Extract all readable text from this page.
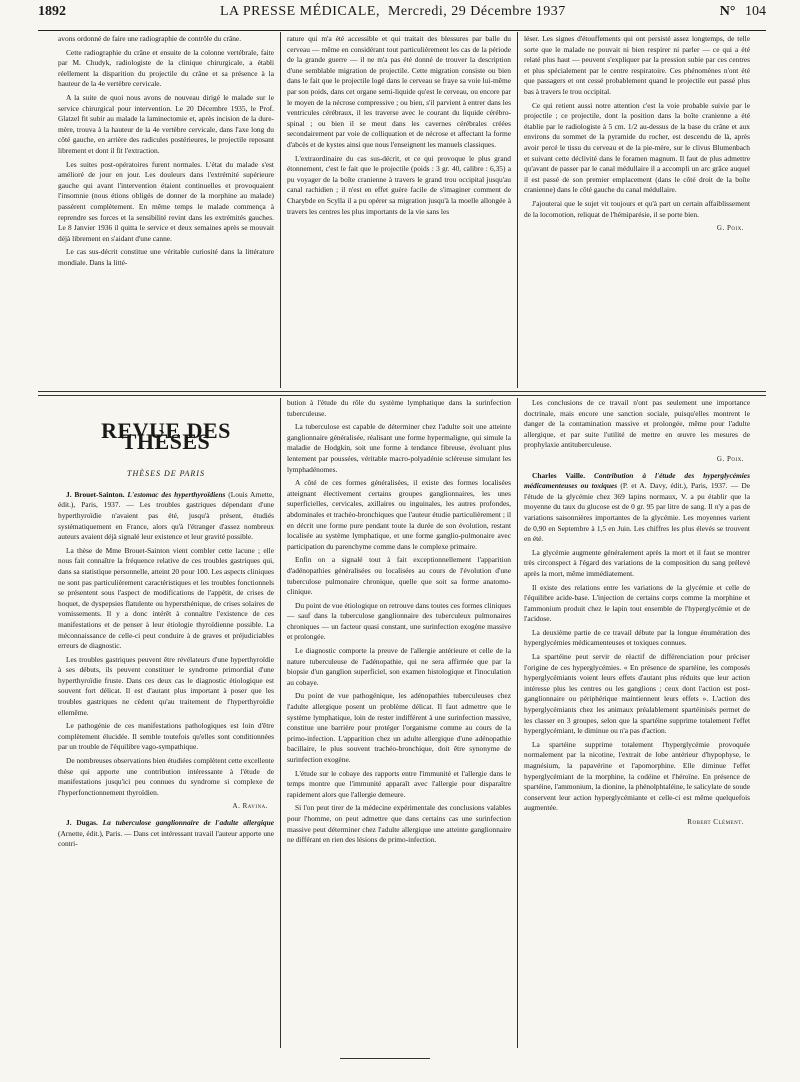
1892	LA PRESSE MÉDICALE, Mercredi, 29 Décembre 1937	N° 104

avons ordonné de faire une radiographie de contrôle du crâne.

Cette radiographie du crâne et ensuite de la colonne vertébrale, faite par M. Chudyk, radiologiste de la clinique chirurgicale, a établi réellement la disparition du projectile du crâne et sa présence à la hauteur de la 4e vertèbre cervicale.

A la suite de quoi nous avons de nouveau dirigé le malade sur le service chirurgical pour intervention. Le 20 Décembre 1935, le Prof. Glatzel fit subir au malade la laminectomie et, après incision de la dure-mère, trouva à la hauteur de la 4e vertèbre cervicale, dans l'axe long du côté gauche, en arrière des radicules postérieures, le projectile reposant librement et dont il fit l'extraction.

Les suites post-opératoires furent normales. L'état du malade s'est amélioré de jour en jour. Les douleurs dans l'extrémité supérieure gauche qui avant l'intervention étaient continuelles et provoquaient l'insomnie (nous étions obligés de donner de la morphine au malade) passèrent complètement. En même temps le malade commença à reprendre ses forces et la sensibilité revint dans les extrémités gauches. Le 8 Janvier 1936 il quitta le service et deux semaines après se mouvait déjà librement en s'aidant d'une canne.

Le cas sus-décrit constitue une véritable curiosité dans la littérature mondiale. Dans la litté-

rature qui m'a été accessible et qui traitait des blessures par balle du cerveau — même en considérant tout particulièrement les cas de la période de la grande guerre — il ne m'a pas été donné de trouver la description d'une semblable migration de projectile. Cette migration consiste ou bien dans le fait que le projectile logé dans le cerveau se fraye sa voie lui-même par son poids, dans cet organe semi-liquide qu'est le cerveau, ou encore par le moyen de la nécrose compressive ; ou bien, s'il parvient à entrer dans les ventricules cérébraux, il les traverse avec le courant du liquide cérébro-spinal ; ou bien il se meut dans les cavernes cérébrales créées secondairement par voie de colliquation et de nécrose et affectant la forme d'abcès et de kystes ainsi que nous l'enseignent les manuels classiques.

L'extraordinaire du cas sus-décrit, et ce qui provoque le plus grand étonnement, c'est le fait que le projectile (poids : 3 gr. 40, calibre : 6,35) a pu voyager de la boîte cranienne à travers le grand trou occipital jusqu'au canal rachidien ; il n'est en effet guère facile de s'imaginer comment de Charybde en Scylla il a pu opérer sa migration jusqu'à la moelle allongée à travers les centres les plus importants de la vie sans les

léser. Les signes d'étouffements qui ont persisté assez longtemps, de telle sorte que le malade ne pouvait ni bien respirer ni parler — ce qui a été relaté plus haut — peuvent s'expliquer par la pression subie par ces centres et plus spécialement par le centre respiratoire. Ces phénomènes n'ont été que passagers et ont cessé probablement quand le projectile eut passé plus bas à travers le trou occipital.

Ce qui retient aussi notre attention c'est la voie probable suivie par le projectile ; ce projectile, dont la position dans la boîte cranienne a été établie par le radiologiste à 5 cm. 1/2 au-dessus de la base du crâne et aux environs du sommet de la pyramide du rocher, est descendu de là, après avoir percé le tissu du cerveau et de la pie-mère, sur le clivus Blumenbach et suivant cette déclivité dans le foramen magnum. Il faut de plus admettre qu'avant de passer par le canal médullaire il a accompli un arc grâce auquel il est passé de son premier emplacement (dans le côté droit de la boîte cranienne) dans le côté gauche du canal médullaire.

J'ajouterai que le sujet vit toujours et qu'à part un certain affaiblissement de la locomotion, reliquat de l'hémiparésie, il se porte bien.

G. Poix.
REVUE DES THÈSES
THÈSES DE PARIS

J. Brouet-Sainton. L'estomac des hyperthyroïdiens (Louis Arnette, édit.), Paris, 1937. — Les troubles gastriques dépendant d'une hyperthyroïdie n'avaient pas été, jusqu'à présent, étudiés systématiquement en France, alors qu'à l'étranger d'assez nombreux auteurs avaient déjà signalé leur existence et leur gravité possible.

La thèse de Mme Brouet-Sainton vient combler cette lacune ; elle nous fait connaître la fréquence relative de ces troubles gastriques qui, dans sa statistique personnelle, atteint 20 pour 100. Les aspects cliniques ne sont pas particulièrement caractéristiques et les troubles fonctionnels se présentent sous l'aspect de modifications de l'appétit, de crises de hoquet, de dyspepsies flatulente ou hypersthénique, de crises solaires de vomissements. Il y a donc intérêt à connaître l'existence de ces manifestations et de penser à leur étiologie thyroïdienne possible. La méconnaissance de celle-ci peut conduire à de graves et préjudiciables erreurs de diagnostic.

Les troubles gastriques peuvent être révélateurs d'une hyperthyroïdie à ses débuts, ils peuvent constituer le syndrome primordial d'une hyperthyroïdie fruste. Dans ces deux cas le diagnostic étiologique est souvent fort délicat. Il est d'autant plus important à poser que les troubles gastriques ne cèdent qu'au traitement de l'hyperthyroïdie ellemême.

Le pathogénie de ces manifestations pathologiques est loin d'être complètement élucidée. Il semble toutefois qu'elles sont conditionnées par un trouble de l'équilibre vago-sympathique.

De nombreuses observations bien étudiées complètent cette excellente thèse qui apporte une contribution intéressante à l'étude de manifestations jusqu'ici peu connues du syndrome si complexe de l'hyperfonctionnement thyroïdien.

A. Ravina.

J. Dugas. La tuberculose ganglionnaire de l'adulte allergique (Arnette, édit.), Paris. — Dans cet intéressant travail l'auteur apporte une contri-

bution à l'étude du rôle du système lymphatique dans la surinfection tuberculeuse.

La tuberculose est capable de déterminer chez l'adulte soit une atteinte ganglionnaire généralisée, réalisant une forme hypermaligne, qui simule la maladie de Hodgkin, soit une forme à tendance fibreuse, évoluant plus lentement par poussées, véritable macro-polyadénie scléreuse simulant les lymphadénomes.

A côté de ces formes généralisées, il existe des formes localisées atteignant électivement certains groupes ganglionnaires, les unes superficielles, cervicales, axillaires ou inguinales, les autres profondes, abdominales et trachéo-bronchiques que l'auteur étudie particulièrement ; il en décrit une forme pure pendant toute la durée de son évolution, restant localisée au système lymphatique, et une forme ganglio-pulmonaire avec participation du parenchyme comme dans le complexe primaire.

Enfin on a signalé tout à fait exceptionnellement l'apparition d'adénopathies généralisées ou localisées au cours de l'évolution d'une tuberculose pulmonaire chronique, quelle que soit sa forme anatomo-clinique.

Du point de vue étiologique on retrouve dans toutes ces formes cliniques — sauf dans la tuberculose ganglionnaire des tuberculeux pulmonaires chroniques — un facteur quasi constant, une surinfection exogène massive et prolongée.

Le diagnostic comporte la preuve de l'allergie antérieure et celle de la nature tuberculeuse de l'adénopathie, qui ne sera affirmée que par la biopsie d'un ganglion superficiel, son examen histologique et l'inoculation au cobaye.

Du point de vue pathogénique, les adénopathies tuberculeuses chez l'adulte allergique posent un problème délicat. Il faut admettre que le système lymphatique, loin de rester indifférent à une surinfection massive, constitue une barrière pour protéger l'organisme comme au cours de la primo-infection. L'apparition chez un adulte allergique d'une adénopathie bacillaire, le plus souvent trachéo-bronchique, doit être synonyme de surinfection exogène.

L'étude sur le cobaye des rapports entre l'immunité et l'allergie dans le temps montre que l'immunité apparaît avec l'allergie pour disparaître rapidement alors que l'allergie demeure.

Si l'on peut tirer de la médecine expérimentale des conclusions valables pour l'homme, on peut admettre que dans certains cas une surinfection massive peut déterminer chez l'adulte allergique une atteinte ganglionnaire ne différant en rien des lésions de primo-infection.

Les conclusions de ce travail n'ont pas seulement une importance doctrinale, mais encore une sanction sociale, puisqu'elles montrent le danger de la contamination massive et prolongée, même pour l'adulte allergique, et par suite l'utilité de mettre en œuvre les mesures de prophylaxie antituberculeuse.

G. Poix.

Charles Vaille. Contribution à l'étude des hyperglycémies médicamenteuses ou toxiques (P. et A. Davy, édit.), Paris, 1937. — De l'étude de la glycémie chez 369 lapins normaux, V. a pu établir que la moyenne du taux du glucose est de 0 gr. 95 par litre de sang. Il n'y a pas de variations saisonnières importantes de la glycémie. Les moyennes varient de 0,90 en Septembre à 1,5 en Juin. Les chiffres les plus élevés se trouvent en été.

La glycémie augmente généralement après la mort et il faut se montrer très circonspect à l'égard des variations de la composition du sang prélevé après la mort, même immédiatement.

Il existe des relations entre les variations de la glycémie et celle de l'équilibre acide-base. L'injection de certains corps comme la morphine et l'ammonium produit chez le lapin tout ensemble de l'hyperglycémie et de l'acidose.

La deuxième partie de ce travail débute par la longue énumération des hyperglycémies médicamenteuses et toxiques connues.

La spartéine peut servir de réactif de différenciation pour préciser l'origine de ces hyperglycémies. « En présence de spartéine, les composés hyperglycémiants voient leurs effets d'autant plus réduits que leur action intéresse plus les centres ou les ganglions ; ceux dont l'action est post-ganglionnaire ou périphérique maintiennent leurs effets ». L'action des hyperglycémiants chez les animaux préalablement spartéinisés permet de les classer en 3 groupes, selon que la spartéine supprime totalement l'effet hyperglycémiant, le diminue ou n'a pas d'action.

La spartéine supprime totalement l'hyperglycémie provoquée normalement par la nicotine, l'extrait de lobe antérieur d'hypophyse, le magnésium, la papavérine et l'apomorphine. Elle diminue l'effet hyperglycémiant de la morphine, la codéine et l'héroïne. En présence de spartéine, l'ammonium, la dionine, la phénolphtaléine, le salicylate de soude conservent leur action hyperglycémiante et celle-ci est même quelquefois augmentée.

Robert Clément.
